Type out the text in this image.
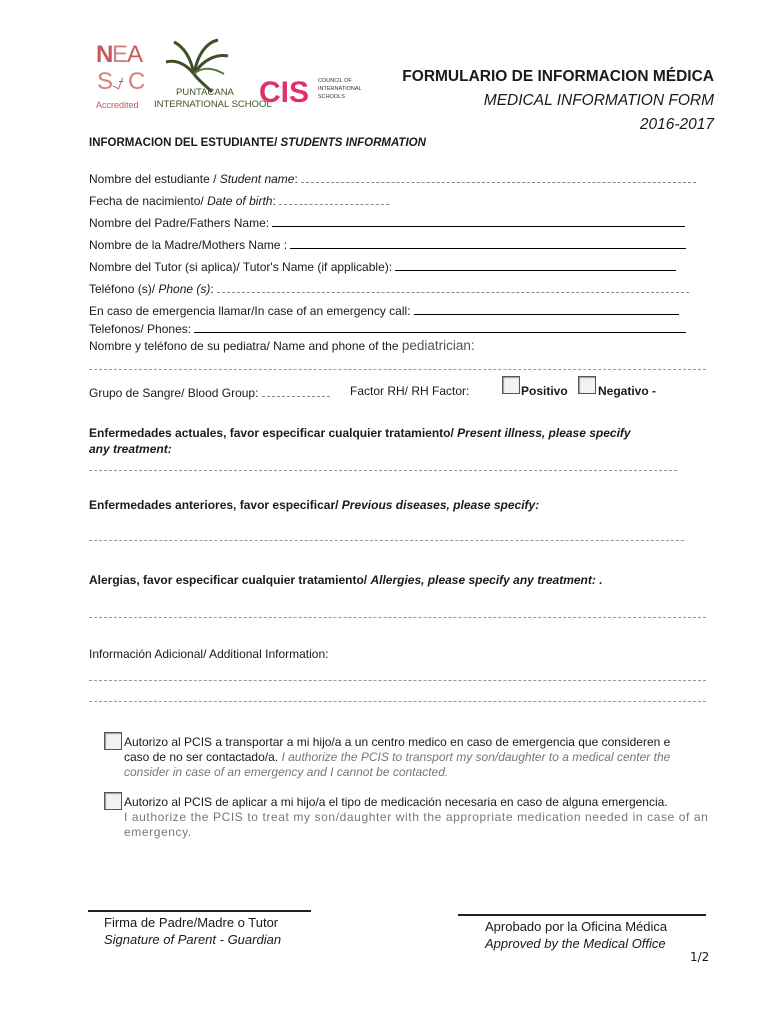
N
E
A
S
⍻ C
Accredited
PUNTACANA
INTERNATIONAL SCHOOL
CIS COUNCIL OF
INTERNATIONAL
SCHOOLS
FORMULARIO DE INFORMACION MÉDICA
MEDICAL INFORMATION FORM
2016-2017
INFORMACION DEL ESTUDIANTE/ STUDENTS INFORMATION
Nombre del estudiante / Student name:
Fecha de nacimiento/ Date of birth:
Nombre del Padre/Fathers Name:
Nombre de la Madre/Mothers Name :
Nombre del Tutor (si aplica)/ Tutor's Name (if applicable):
Teléfono (s)/ Phone (s):
En caso de emergencia llamar/In case of an emergency call:
Telefonos/ Phones:
Nombre y teléfono de su pediatra/ Name and phone of the pediatrician:
Grupo de Sangre/ Blood Group:	Factor RH/ RH Factor:	Positivo	Negativo -
Enfermedades actuales, favor especificar cualquier tratamiento/ Present illness, please specify
any treatment:
Enfermedades anteriores, favor especificar/ Previous diseases, please specify:
Alergias, favor especificar cualquier tratamiento/ Allergies, please specify any treatment: .
Información Adicional/ Additional Information:
Autorizo al PCIS a transportar a mi hijo/a a un centro medico en caso de emergencia que consideren e
caso de no ser contactado/a. I authorize the PCIS to transport my son/daughter to a medical center the
consider in case of an emergency and I cannot be contacted.
Autorizo al PCIS de aplicar a mi hijo/a el tipo de medicación necesaria en caso de alguna emergencia.
I authorize the PCIS to treat my son/daughter with the appropriate medication needed in case of an
emergency.
Firma de Padre/Madre o Tutor
Signature of Parent - Guardian
Aprobado por la Oficina Médica
Approved by the Medical Office
1/2
